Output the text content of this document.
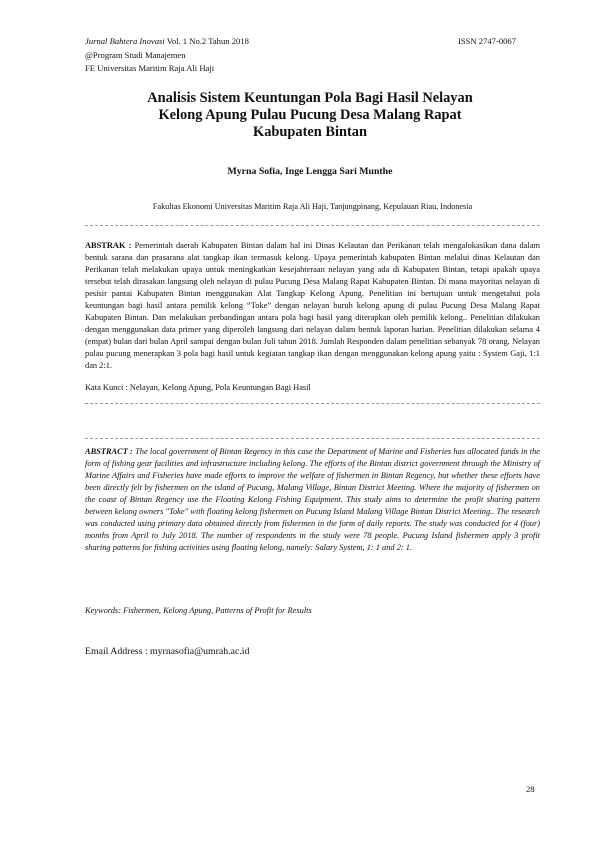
Jurnal Bahtera Inovasi Vol. 1 No.2 Tahun 2018	ISSN 2747-0067
@Program Studi Manajemen
FE Universitas Maritim Raja Ali Haji
Analisis Sistem Keuntungan Pola Bagi Hasil Nelayan
Kelong Apung Pulau Pucung Desa Malang Rapat
Kabupaten Bintan
Myrna Sofia, Inge Lengga Sari Munthe
Fakultas Ekonomi Universitas Maritim Raja Ali Haji, Tanjungpinang, Kepulauan Riau, Indonesia
ABSTRAK : Pemerintah daerah Kabupaten Bintan dalam hal ini Dinas Kelautan dan Perikanan telah mengalokasikan dana dalam bentuk sarana dan prasarana alat tangkap ikan termasuk kelong. Upaya pemerintah kabupaten Bintan melalui dinas Kelautan dan Perikanan telah melakukan upaya untuk meningkatkan kesejahteraan nelayan yang ada di Kabupaten Bintan, tetapi apakah upaya tersebut telah dirasakan langsung oleh nelayan di pulau Pucung Desa Malang Rapat Kabupaten Bintan. Di mana mayoritas nelayan di pesisir pantai Kabupaten Bintan menggunakan Alat Tangkap Kelong Apung. Penelitian ini bertujuan untuk mengetahui pola keuntungan bagi hasil antara pemilik kelong “Toke” dengan nelayan buruh kelong apung di pulau Pucung Desa Malang Rapat Kabupaten Bintan. Dan melakukan perbandingan antara pola bagi hasil yang diterapkan oleh pemilik kelong.. Penelitian dilakukan dengan menggunakan data primer yang diperoleh langsung dari nelayan dalam bentuk laporan harian. Penelitian dilakukan selama 4 (empat) bulan dari bulan April sampai dengan bulan Juli tahun 2018. Jumlah Responden dalam penelitian sebanyak 78 orang. Nelayan pulau pucung menerapkan 3 pola bagi hasil untuk kegiatan tangkap ikan dengan menggunakan kelong apung yaitu : System Gaji, 1:1 dan 2:1.
Kata Kunci : Nelayan, Kelong Apung, Pola Keuntungan Bagi Hasil
ABSTRACT : The local government of Bintan Regency in this case the Department of Marine and Fisheries has allocated funds in the form of fishing gear facilities and infrastructure including kelong. The efforts of the Bintan district government through the Ministry of Marine Affairs and Fisheries have made efforts to improve the welfare of fishermen in Bintan Regency, but whether these efforts have been directly felt by fishermen on the island of Pucung, Malang Village, Bintan District Meeting. Where the majority of fishermen on the coast of Bintan Regency use the Floating Kelong Fishing Equipment. This study aims to determine the profit sharing pattern between kelong owners "Toke" with floating kelong fishermen on Pucung Island Malang Village Bintan District Meeting.. The research was conducted using primary data obtained directly from fishermen in the form of daily reports. The study was conducted for 4 (four) months from April to July 2018. The number of respondents in the study were 78 people. Pucung Island fishermen apply 3 profit sharing patterns for fishing activities using floating kelong, namely: Salary System, 1: 1 and 2: 1.
Keywords: Fishermen, Kelong Apung, Patterns of Profit for Results
Email Address : myrnasofia@umrah.ac.id
28
